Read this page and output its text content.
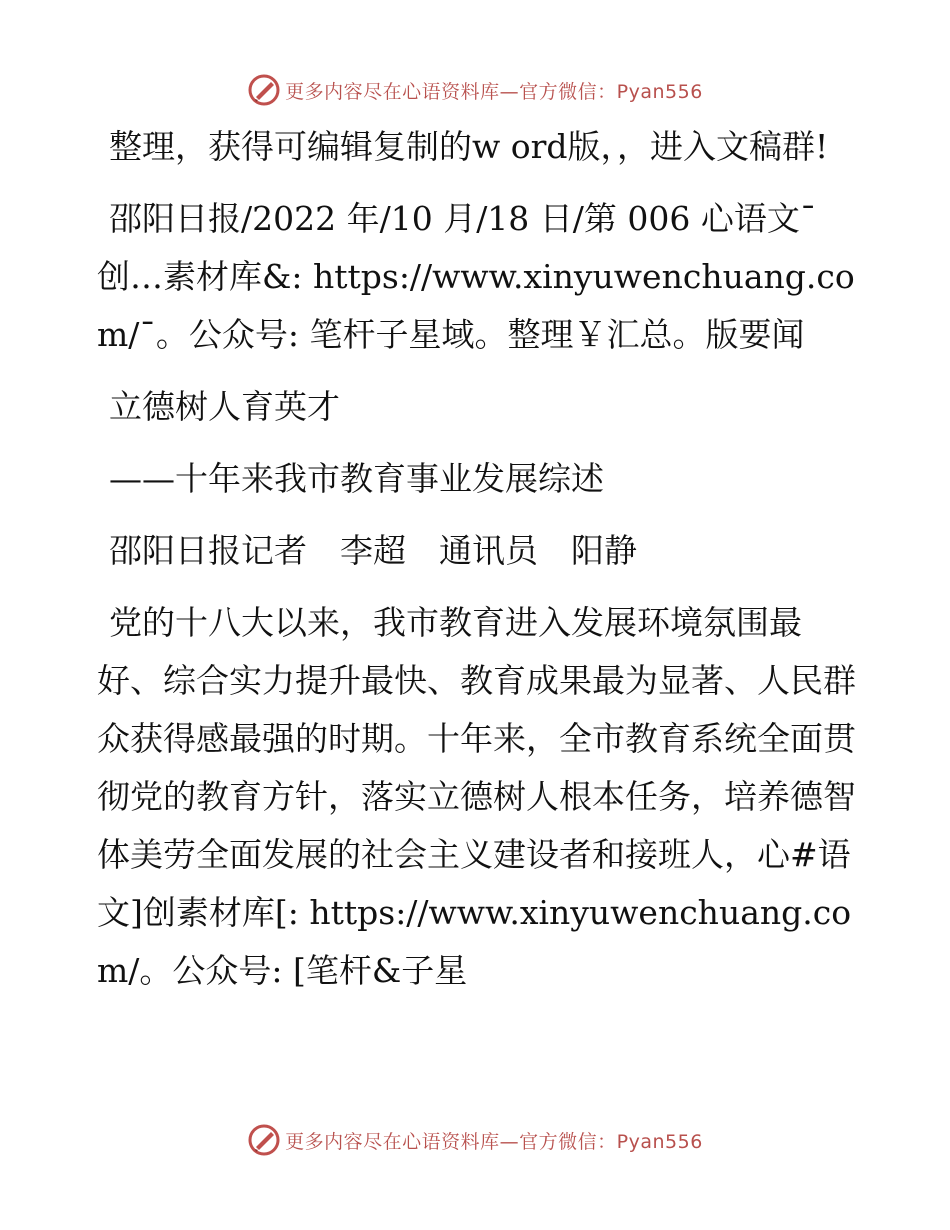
更多内容尽在心语资料库—官方微信：Pyan556

整理，获得可编辑复制的w ord版，，进入文稿群!

邵阳日报/2022 年/10 月/18 日/第 006 心语文¯创…素材库&: https://www.xinyuwenchuang.com/¯。公众号: 笔杆子星域。整理￥汇总。版要闻

立德树人育英才

——十年来我市教育事业发展综述

邵阳日报记者　李超　通讯员　阳静

党的十八大以来，我市教育进入发展环境氛围最好、综合实力提升最快、教育成果最为显著、人民群众获得感最强的时期。十年来，全市教育系统全面贯彻党的教育方针，落实立德树人根本任务，培养德智体美劳全面发展的社会主义建设者和接班人，心#语文]创素材库[: https://www.xinyuwenchuang.com/。公众号: [笔杆&子星

更多内容尽在心语资料库—官方微信：Pyan556
